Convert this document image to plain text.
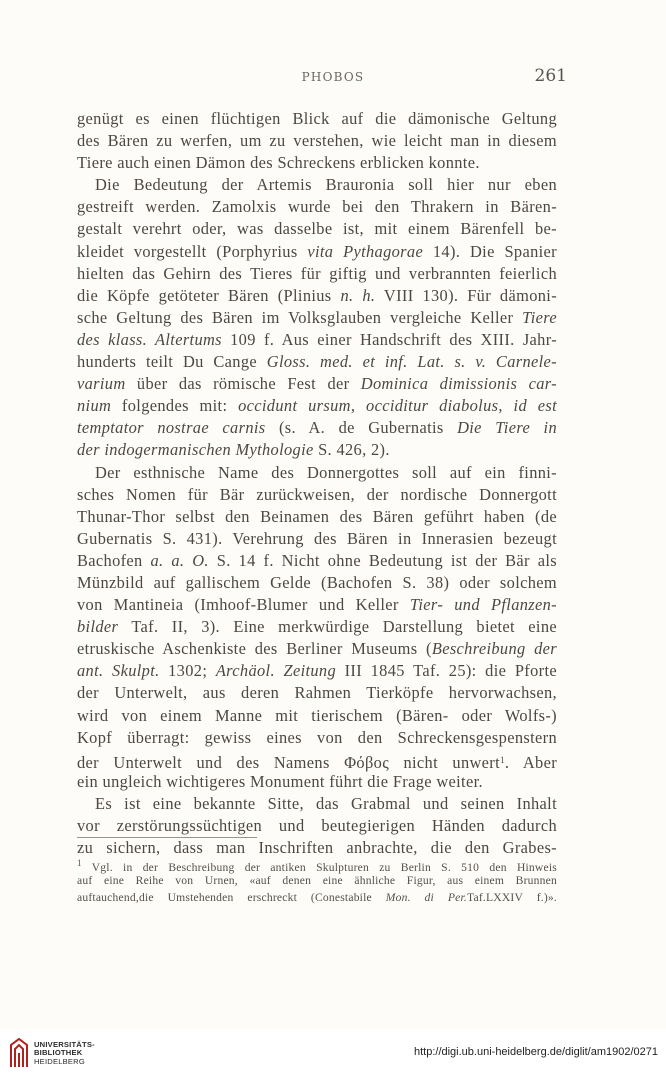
PHOBOS	261
genügt es einen flüchtigen Blick auf die dämonische Geltung
des Bären zu werfen, um zu verstehen, wie leicht man in diesem
Tiere auch einen Dämon des Schreckens erblicken konnte.
Die Bedeutung der Artemis Brauronia soll hier nur eben
gestreift werden. Zamolxis wurde bei den Thrakern in Bären-
gestalt verehrt oder, was dasselbe ist, mit einem Bärenfell be-
kleidet vorgestellt (Porphyrius vita Pythagorae 14). Die Spanier
hielten das Gehirn des Tieres für giftig und verbrannten feierlich
die Köpfe getöteter Bären (Plinius n. h. VIII 130). Für dämoni-
sche Geltung des Bären im Volksglauben vergleiche Keller Tiere
des klass. Altertums 109 f. Aus einer Handschrift des XIII. Jahr-
hunderts teilt Du Cange Gloss. med. et inf. Lat. s. v. Carnele-
varium über das römische Fest der Dominica dimissionis car-
nium folgendes mit: occidunt ursum, occiditur diabolus, id est
temptator nostrae carnis (s. A. de Gubernatis Die Tiere in
der indogermanischen Mythologie S. 426, 2).
Der esthnische Name des Donnergottes soll auf ein finni-
sches Nomen für Bär zurückweisen, der nordische Donnergott
Thunar-Thor selbst den Beinamen des Bären geführt haben (de
Gubernatis S. 431). Verehrung des Bären in Innerasien bezeugt
Bachofen a. a. O. S. 14 f. Nicht ohne Bedeutung ist der Bär als
Münzbild auf gallischem Gelde (Bachofen S. 38) oder solchem
von Mantineia (Imhoof-Blumer und Keller Tier- und Pflanzen-
bilder Taf. II, 3). Eine merkwürdige Darstellung bietet eine
etruskische Aschenkiste des Berliner Museums (Beschreibung der
ant. Skulpt. 1302; Archäol. Zeitung III 1845 Taf. 25): die Pforte
der Unterwelt, aus deren Rahmen Tierköpfe hervorwachsen,
wird von einem Manne mit tierischem (Bären- oder Wolfs-)
Kopf überragt: gewiss eines von den Schreckensgespenstern
der Unterwelt und des Namens Φόβος nicht unwert$^1$. Aber
ein ungleich wichtigeres Monument führt die Frage weiter.
Es ist eine bekannte Sitte, das Grabmal und seinen Inhalt
vor zerstörungssüchtigen und beutegierigen Händen dadurch
zu sichern, dass man Inschriften anbrachte, die den Grabes-
$^1$ Vgl. in der Beschreibung der antiken Skulpturen zu Berlin S. 510 den Hinweis
auf eine Reihe von Urnen, «auf denen eine ähnliche Figur, aus einem Brunnen
auftauchend,die Umstehenden erschreckt (Conestabile Mon. di Per.Taf.LXXIV f.)».
UNIVERSITÄTS-
BIBLIOTHEK
HEIDELBERG
http://digi.ub.uni-heidelberg.de/diglit/am1902/0271
